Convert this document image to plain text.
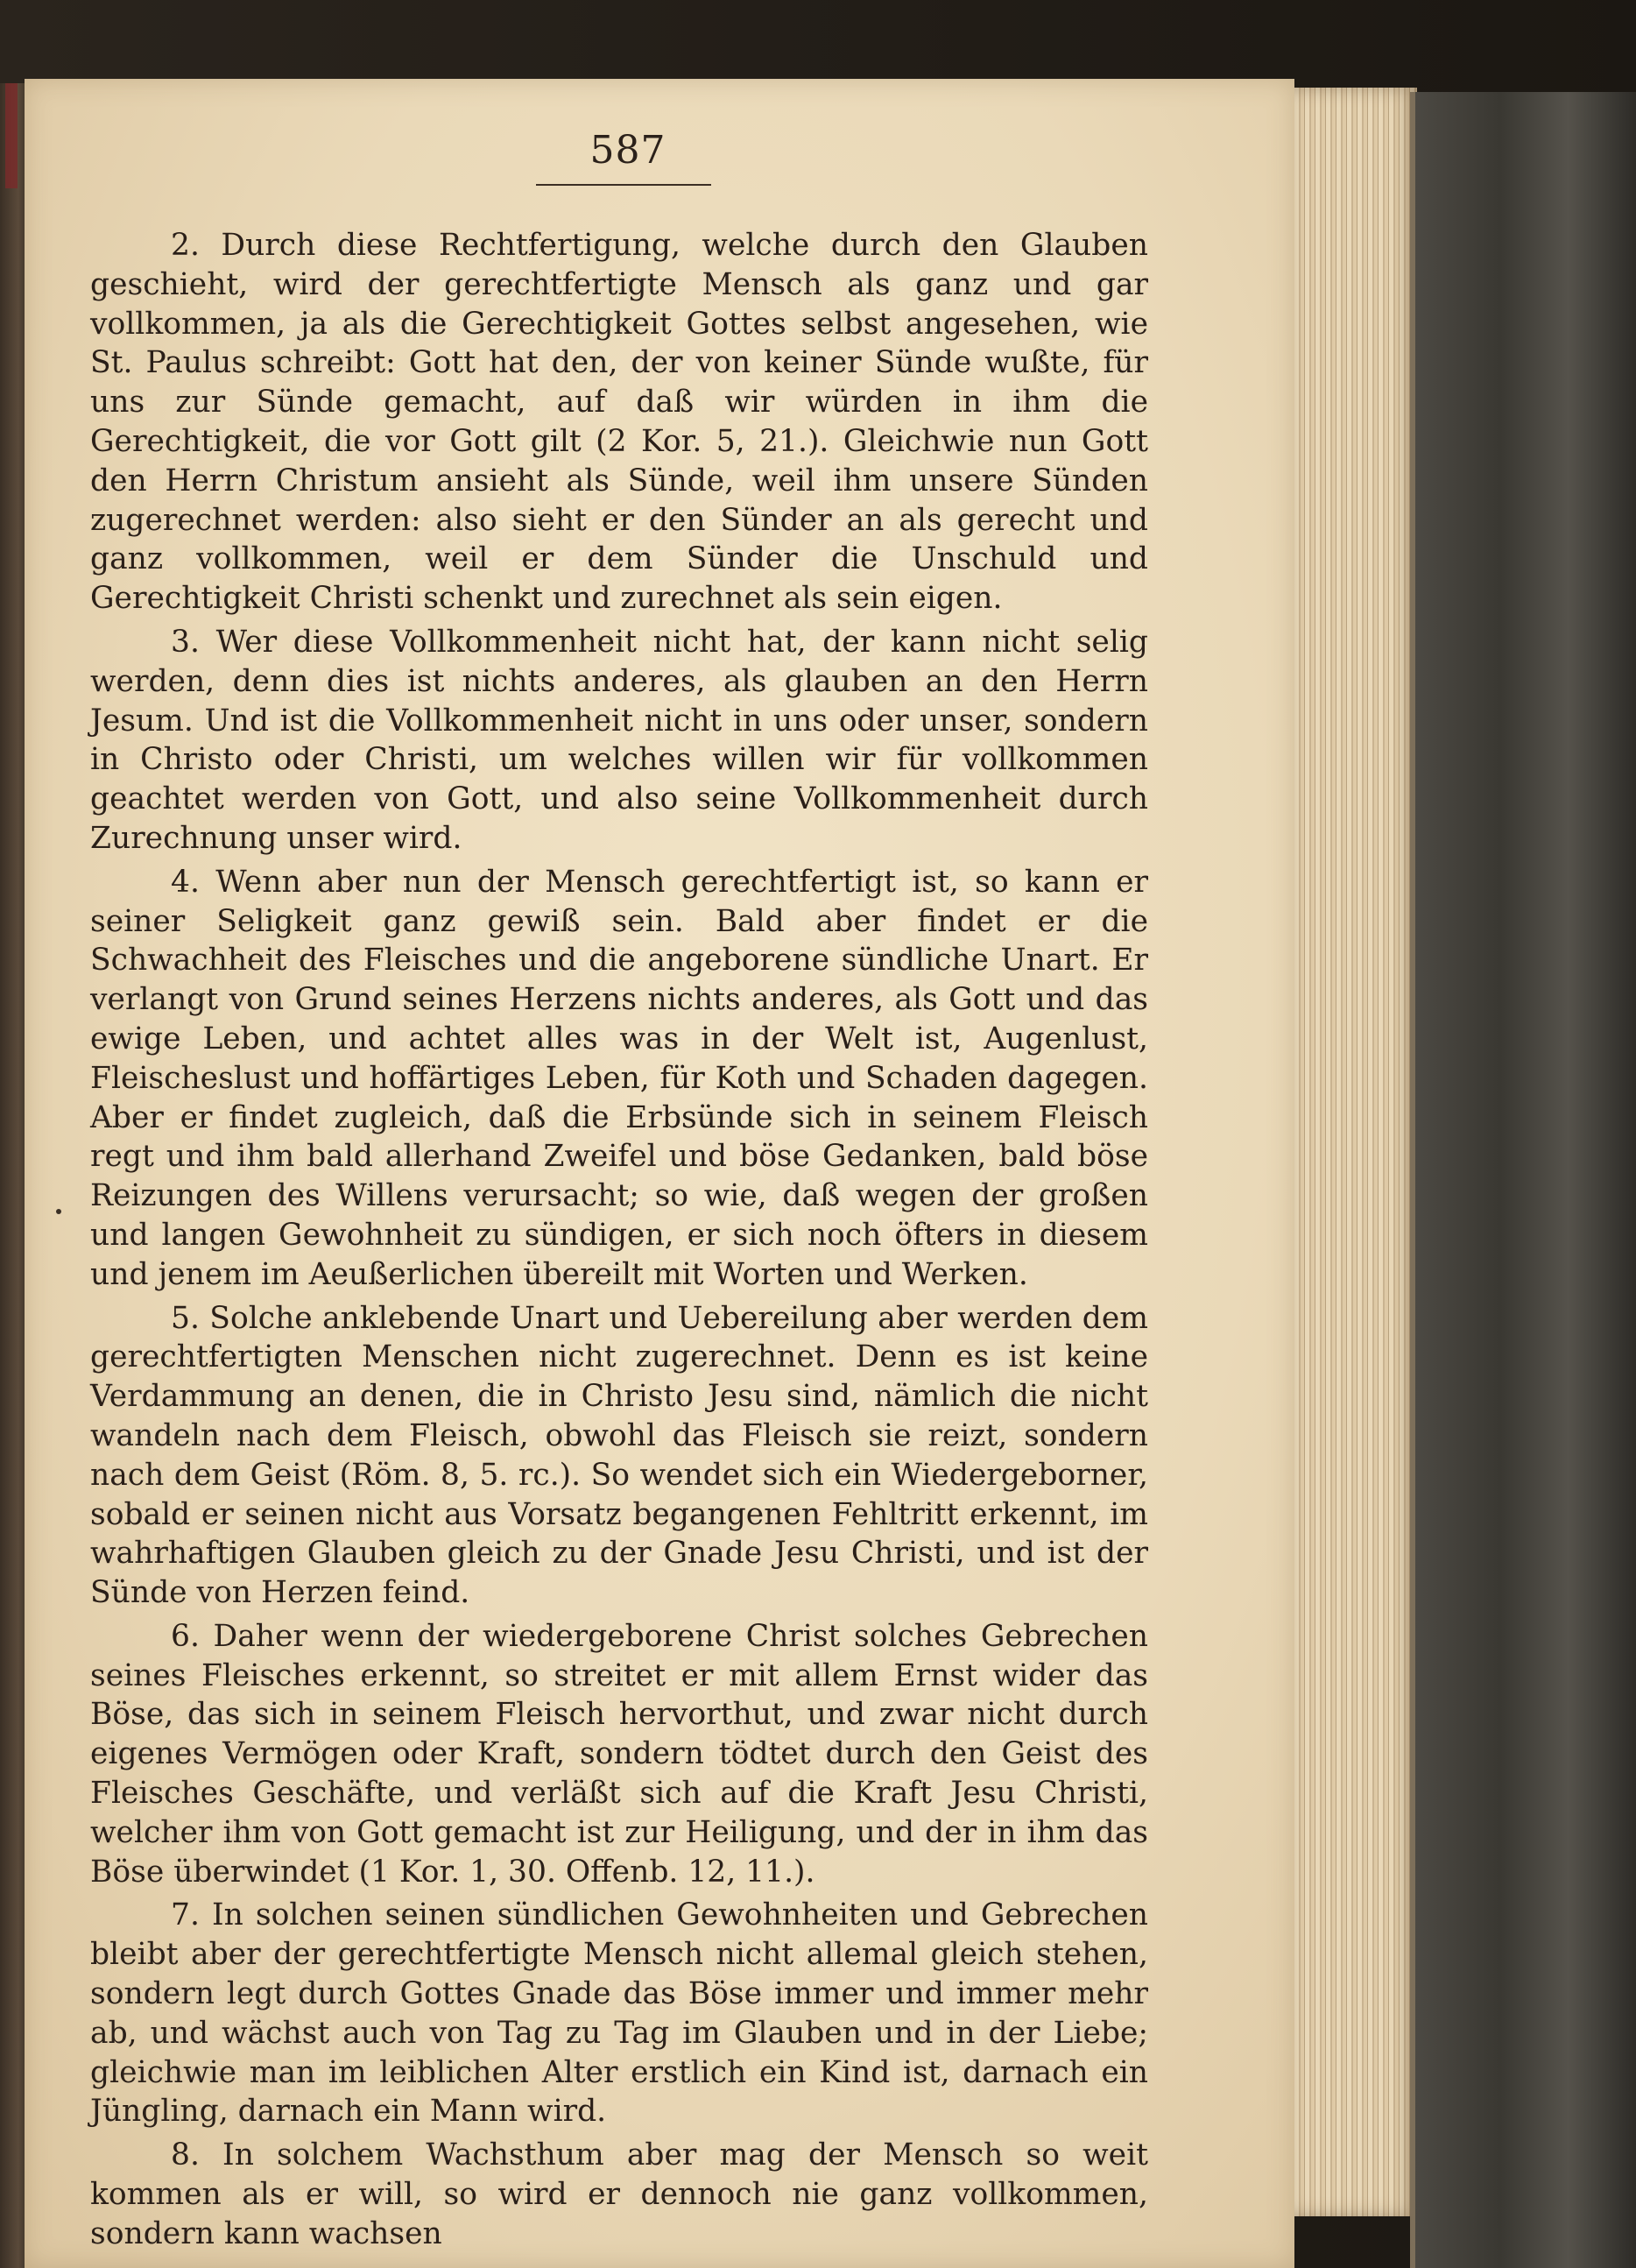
587

2. Durch diese Rechtfertigung, welche durch den Glauben geschieht, wird der gerechtfertigte Mensch als ganz und gar vollkommen, ja als die Gerechtigkeit Gottes selbst angesehen, wie St. Paulus schreibt: Gott hat den, der von keiner Sünde wußte, für uns zur Sünde gemacht, auf daß wir würden in ihm die Gerechtigkeit, die vor Gott gilt (2 Kor. 5, 21.). Gleichwie nun Gott den Herrn Christum ansieht als Sünde, weil ihm unsere Sünden zugerechnet werden: also sieht er den Sünder an als gerecht und ganz vollkommen, weil er dem Sünder die Unschuld und Gerechtigkeit Christi schenkt und zurechnet als sein eigen.

3. Wer diese Vollkommenheit nicht hat, der kann nicht selig werden, denn dies ist nichts anderes, als glauben an den Herrn Jesum. Und ist die Vollkommenheit nicht in uns oder unser, sondern in Christo oder Christi, um welches willen wir für vollkommen geachtet werden von Gott, und also seine Vollkommenheit durch Zurechnung unser wird.

4. Wenn aber nun der Mensch gerechtfertigt ist, so kann er seiner Seligkeit ganz gewiß sein. Bald aber findet er die Schwachheit des Fleisches und die angeborene sündliche Unart. Er verlangt von Grund seines Herzens nichts anderes, als Gott und das ewige Leben, und achtet alles was in der Welt ist, Augenlust, Fleischeslust und hoffärtiges Leben, für Koth und Schaden dagegen. Aber er findet zugleich, daß die Erbsünde sich in seinem Fleisch regt und ihm bald allerhand Zweifel und böse Gedanken, bald böse Reizungen des Willens verursacht; so wie, daß wegen der großen und langen Gewohnheit zu sündigen, er sich noch öfters in diesem und jenem im Aeußerlichen übereilt mit Worten und Werken.

5. Solche anklebende Unart und Uebereilung aber werden dem gerechtfertigten Menschen nicht zugerechnet. Denn es ist keine Verdammung an denen, die in Christo Jesu sind, nämlich die nicht wandeln nach dem Fleisch, obwohl das Fleisch sie reizt, sondern nach dem Geist (Röm. 8, 5. rc.). So wendet sich ein Wiedergeborner, sobald er seinen nicht aus Vorsatz begangenen Fehltritt erkennt, im wahrhaftigen Glauben gleich zu der Gnade Jesu Christi, und ist der Sünde von Herzen feind.

6. Daher wenn der wiedergeborene Christ solches Gebrechen seines Fleisches erkennt, so streitet er mit allem Ernst wider das Böse, das sich in seinem Fleisch hervorthut, und zwar nicht durch eigenes Vermögen oder Kraft, sondern tödtet durch den Geist des Fleisches Geschäfte, und verläßt sich auf die Kraft Jesu Christi, welcher ihm von Gott gemacht ist zur Heiligung, und der in ihm das Böse überwindet (1 Kor. 1, 30. Offenb. 12, 11.).

7. In solchen seinen sündlichen Gewohnheiten und Gebrechen bleibt aber der gerechtfertigte Mensch nicht allemal gleich stehen, sondern legt durch Gottes Gnade das Böse immer und immer mehr ab, und wächst auch von Tag zu Tag im Glauben und in der Liebe; gleichwie man im leiblichen Alter erstlich ein Kind ist, darnach ein Jüngling, darnach ein Mann wird.

8. In solchem Wachsthum aber mag der Mensch so weit kommen als er will, so wird er dennoch nie ganz vollkommen, sondern kann wachsen
